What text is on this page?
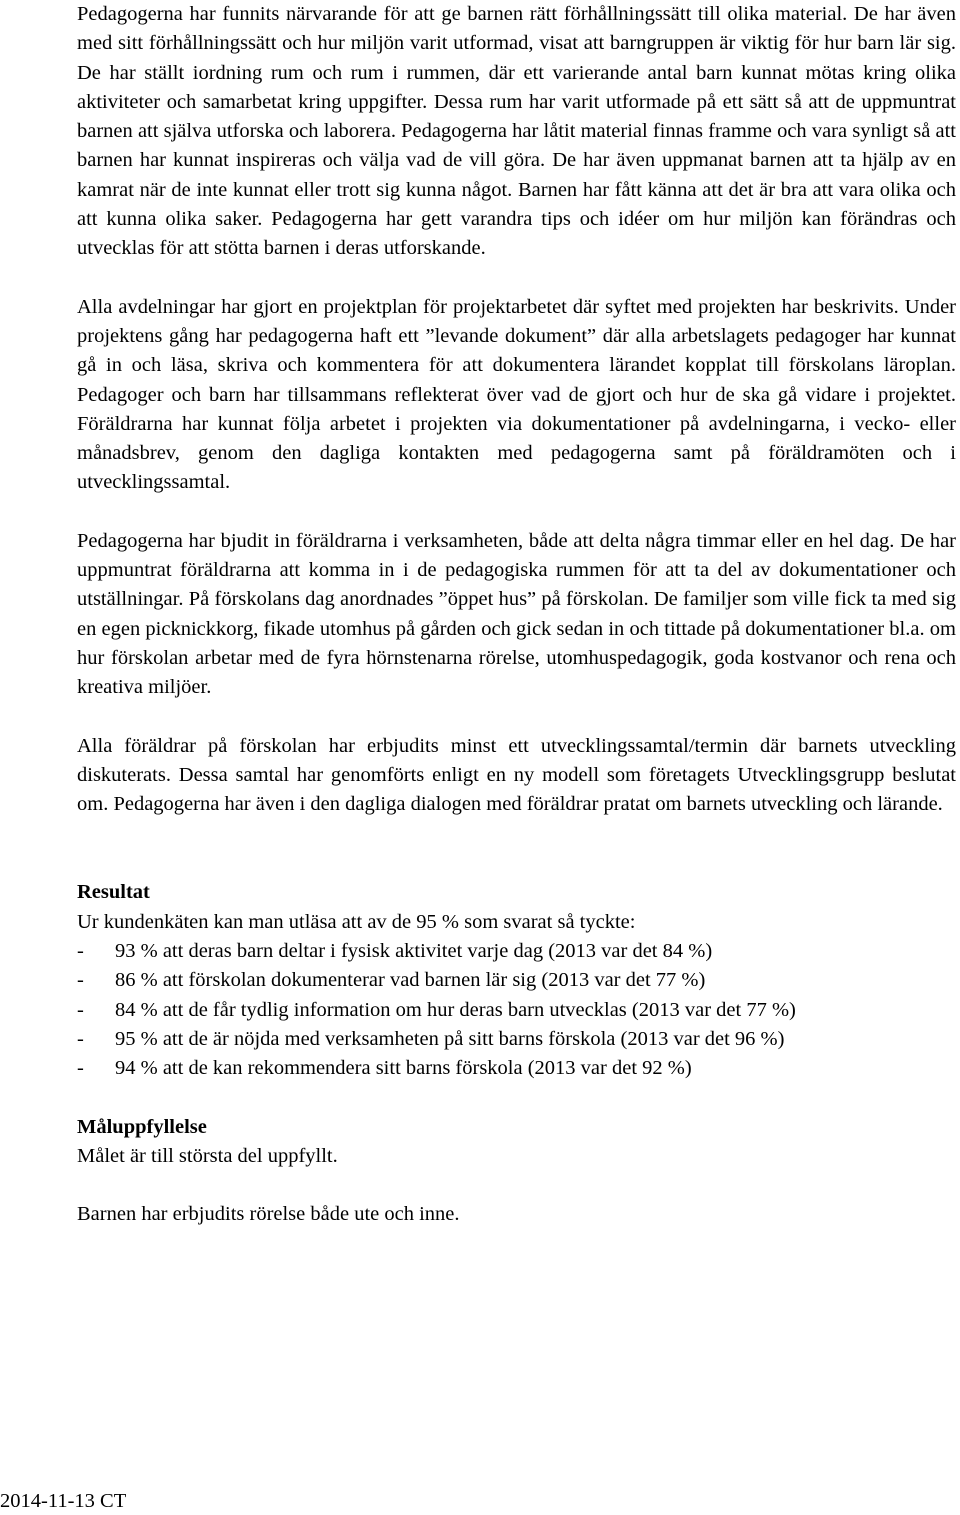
Pedagogerna har funnits närvarande för att ge barnen rätt förhållningssätt till olika material. De har även med sitt förhållningssätt och hur miljön varit utformad, visat att barngruppen är viktig för hur barn lär sig. De har ställt iordning rum och rum i rummen, där ett varierande antal barn kunnat mötas kring olika aktiviteter och samarbetat kring uppgifter. Dessa rum har varit utformade på ett sätt så att de uppmuntrat barnen att själva utforska och laborera. Pedagogerna har låtit material finnas framme och vara synligt så att barnen har kunnat inspireras och välja vad de vill göra. De har även uppmanat barnen att ta hjälp av en kamrat när de inte kunnat eller trott sig kunna något. Barnen har fått känna att det är bra att vara olika och att kunna olika saker. Pedagogerna har gett varandra tips och idéer om hur miljön kan förändras och utvecklas för att stötta barnen i deras utforskande.

Alla avdelningar har gjort en projektplan för projektarbetet där syftet med projekten har beskrivits. Under projektens gång har pedagogerna haft ett ”levande dokument” där alla arbetslagets pedagoger har kunnat gå in och läsa, skriva och kommentera för att dokumentera lärandet kopplat till förskolans läroplan. Pedagoger och barn har tillsammans reflekterat över vad de gjort och hur de ska gå vidare i projektet. Föräldrarna har kunnat följa arbetet i projekten via dokumentationer på avdelningarna, i vecko- eller månadsbrev, genom den dagliga kontakten med pedagogerna samt på föräldramöten och i utvecklingssamtal.

Pedagogerna har bjudit in föräldrarna i verksamheten, både att delta några timmar eller en hel dag. De har uppmuntrat föräldrarna att komma in i de pedagogiska rummen för att ta del av dokumentationer och utställningar. På förskolans dag anordnades ”öppet hus” på förskolan. De familjer som ville fick ta med sig en egen picknickkorg, fikade utomhus på gården och gick sedan in och tittade på dokumentationer bl.a. om hur förskolan arbetar med de fyra hörnstenarna rörelse, utomhuspedagogik, goda kostvanor och rena och kreativa miljöer.

Alla föräldrar på förskolan har erbjudits minst ett utvecklingssamtal/termin där barnets utveckling diskuterats. Dessa samtal har genomförts enligt en ny modell som företagets Utvecklingsgrupp beslutat om. Pedagogerna har även i den dagliga dialogen med föräldrar pratat om barnets utveckling och lärande.

Resultat

Ur kundenkäten kan man utläsa att av de 95 % som svarat så tyckte:

- 93 % att deras barn deltar i fysisk aktivitet varje dag (2013 var det 84 %)
- 86 % att förskolan dokumenterar vad barnen lär sig (2013 var det 77 %)
- 84 % att de får tydlig information om hur deras barn utvecklas (2013 var det 77 %)
- 95 % att de är nöjda med verksamheten på sitt barns förskola (2013 var det 96 %)
- 94 % att de kan rekommendera sitt barns förskola (2013 var det 92 %)

Måluppfyllelse

Målet är till största del uppfyllt.

Barnen har erbjudits rörelse både ute och inne.

2014-11-13 CT
